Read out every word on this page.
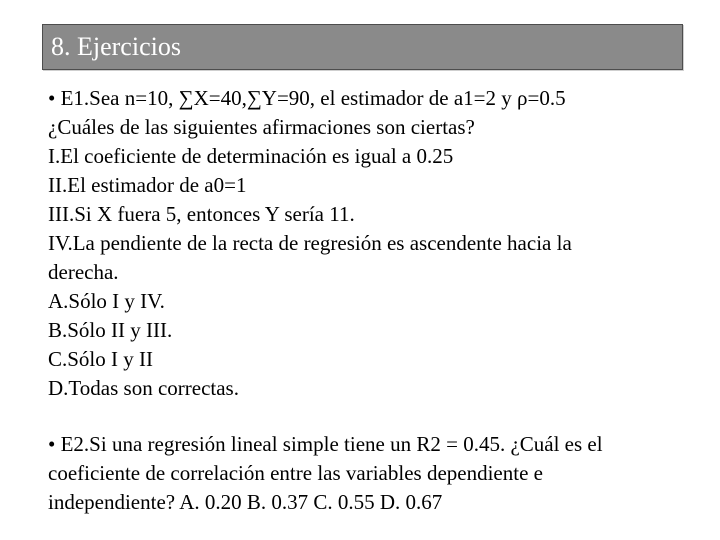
8. Ejercicios
• E1.Sea n=10, ∑X=40,∑Y=90, el estimador de a1=2 y ρ=0.5
¿Cuáles de las siguientes afirmaciones son ciertas?
I.El coeficiente de determinación es igual a 0.25
II.El estimador de a0=1
III.Si X fuera 5, entonces Y sería 11.
IV.La pendiente de la recta de regresión es ascendente hacia la
derecha.
A.Sólo I y IV.
B.Sólo II y III.
C.Sólo I y II
D.Todas son correctas.
• E2.Si una regresión lineal simple tiene un R2 = 0.45. ¿Cuál es el
coeficiente de correlación entre las variables dependiente e
independiente? A. 0.20 B. 0.37 C. 0.55 D. 0.67
